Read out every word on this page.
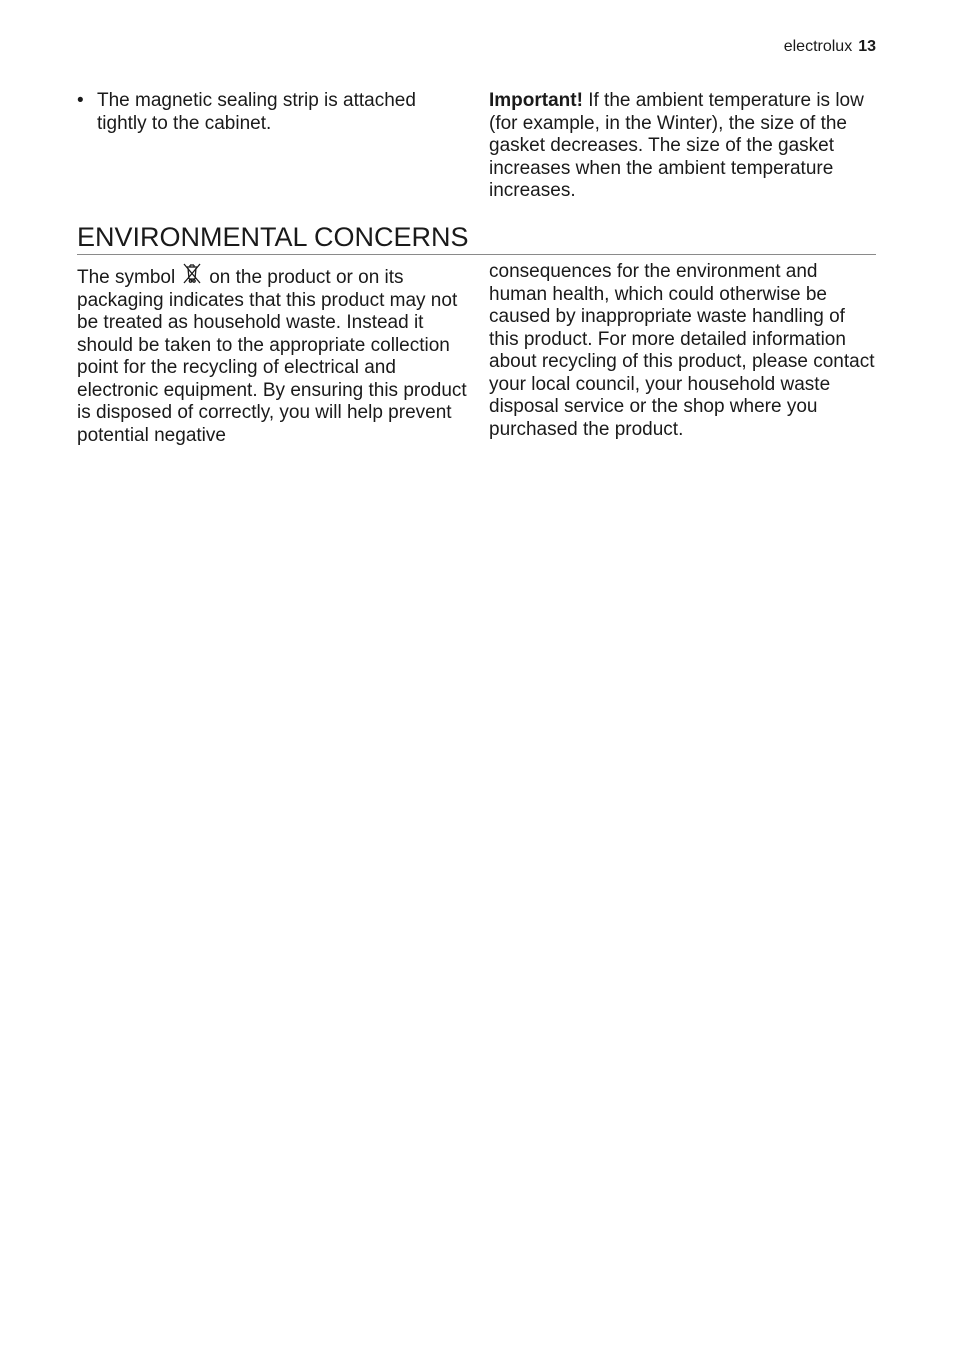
electrolux 13
• The magnetic sealing strip is attached tightly to the cabinet.

Important! If the ambient temperature is low (for example, in the Winter), the size of the gasket decreases. The size of the gasket increases when the ambient temperature increases.

ENVIRONMENTAL CONCERNS

The symbol on the product or on its packaging indicates that this product may not be treated as household waste. Instead it should be taken to the appropriate collection point for the recycling of electrical and electronic equipment. By ensuring this product is disposed of correctly, you will help prevent potential negative

consequences for the environment and human health, which could otherwise be caused by inappropriate waste handling of this product. For more detailed information about recycling of this product, please contact your local council, your household waste disposal service or the shop where you purchased the product.
